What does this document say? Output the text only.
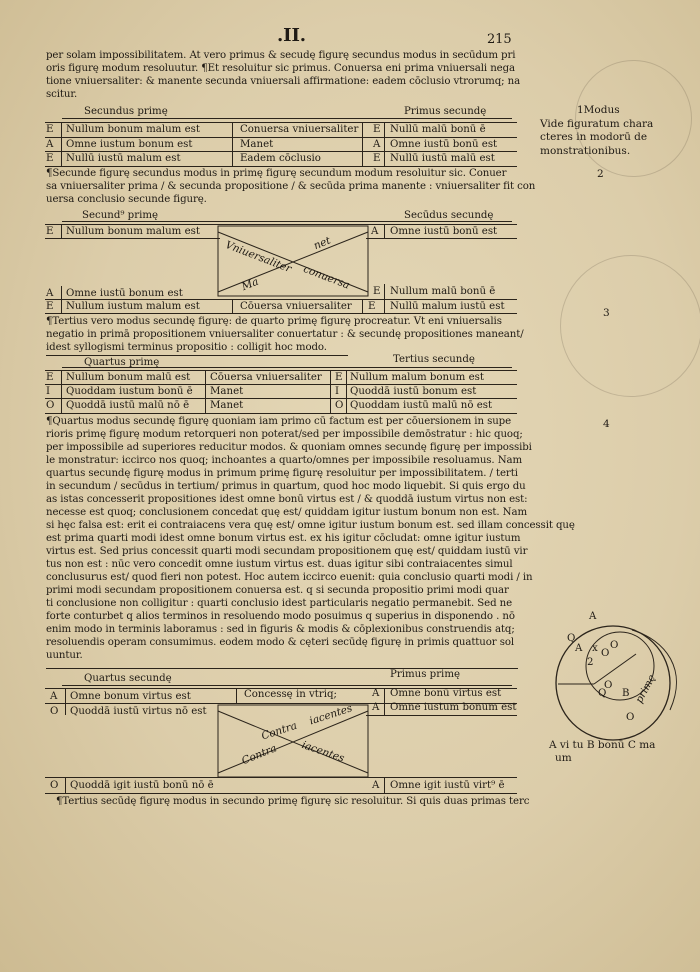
.II.	215
per solam impossibilitatem. At vero primus & secudę figurę secundus modus in secūdum pri
oris figurę modum resoluutur. ¶Et resoluitur sic primus. Conuersa eni prima vniuersali nega
tione vniuersaliter: & manente secunda vniuersali affirmatione: eadem cōclusio vtrorumq; na
scitur.
Secundus primę	Primus secundę
E Nullum bonum malum est	Conuersa vniuersaliter E Nullū malū bonū ē
A Omne iustum bonum est	Manet	A Omne iustū bonū est
E Nullū iustū malum est	Eadem cōclusio	E Nullū iustū malū est
¶Secunde figurę secundus modus in primę figurę secundum modum resoluitur sic. Conuer
sa vniuersaliter prima / & secunda propositione / & secūda prima manente : vniuersaliter fit con
uersa conclusio secunde figurę.
Secund⁹ primę	Secūdus secundę
E Nullum bonum malum est	A Omne iustū bonū est
Vniuersaliter net
Ma	conuersa
A Omne iustū bonum est	E Nullum malū bonū ē
E Nullum iustum malum est	Cōuersa vniuersaliter E Nullū malum iustū est
¶Tertius vero modus secundę figurę: de quarto primę figurę procreatur. Vt eni vniuersalis
negatio in primā propositionem vniuersaliter conuertatur : & secundę propositiones maneant/
idest syllogismi terminus propositio : colligit hoc modo.
Quartus primę	Tertius secundę
E Nullum bonum malū est Cōuersa vniuersaliter E Nullum malum bonum est
I Quoddam iustum bonū ē Manet	I Quoddā iustū bonum est
O Quoddā iustū malū nō ē Manet	O Quoddam iustū malū nō est
¶Quartus modus secundę figurę quoniam iam primo cū factum est per cōuersionem in supe
rioris primę figurę modum retorqueri non poterat/sed per impossibile demōstratur : hic quoq;
per impossibile ad superiores reducitur modos. & quoniam omnes secundę figurę per impossibi
le monstratur: iccirco nos quoq; inchoantes a quarto/omnes per impossibile resoluamus. Nam
quartus secundę figurę modus in primum primę figurę resoluitur per impossibilitatem. / terti
in secundum / secūdus in tertium/ primus in quartum, quod hoc modo liquebit. Si quis ergo du
as istas concesserit propositiones idest omne bonū virtus est / & quoddā iustum virtus non est:
necesse est quoq; conclusionem concedat quę est/ quiddam igitur iustum bonum non est. Nam
si hęc falsa est: erit ei contraiacens vera quę est/ omne igitur iustum bonum est. sed illam concessit quę
est prima quarti modi idest omne bonum virtus est. ex his igitur cōcludat: omne igitur iustum
virtus est. Sed prius concessit quarti modi secundam propositionem quę est/ quiddam iustū vir
tus non est : nūc vero concedit omne iustum virtus est. duas igitur sibi contraiacentes simul
conclusurus est/ quod fieri non potest. Hoc autem iccirco euenit: quia conclusio quarti modi / in
primi modi secundam propositionem conuersa est. q si secunda propositio primi modi quar
ti conclusione non colligitur : quarti conclusio idest particularis negatio permanebit. Sed ne
forte conturbet q alios terminos in resoluendo modo posuimus q superius in disponendo . nō
enim modo in terminis laboramus : sed in figuris & modis & cōplexionibus construendis atq;
resoluendis operam consumimus. eodem modo & cęteri secūdę figurę in primis quattuor sol
uuntur.
Quartus secundę	Primus primę
A Omne bonum virtus est	Concessę in vtriq;	A Omne bonū virtus est
O Quoddā iustū virtus nō est	A Omne iustum bonum est
Contra
iacentes
Contra iacentes
O Quoddā igit iustū bonū nō ē	A Omne igit iustū virt⁹ ē
¶Tertius secūdę figurę modus in secundo primę figurę sic resoluitur. Si quis duas primas terc
1Modus
Vide figuratum chara
cteres in modorū de
monstrationibus.
2
3
4
A
O
Q
A x O
2
B
Q
O
O
primę
A vi tu B bonū C ma
um
